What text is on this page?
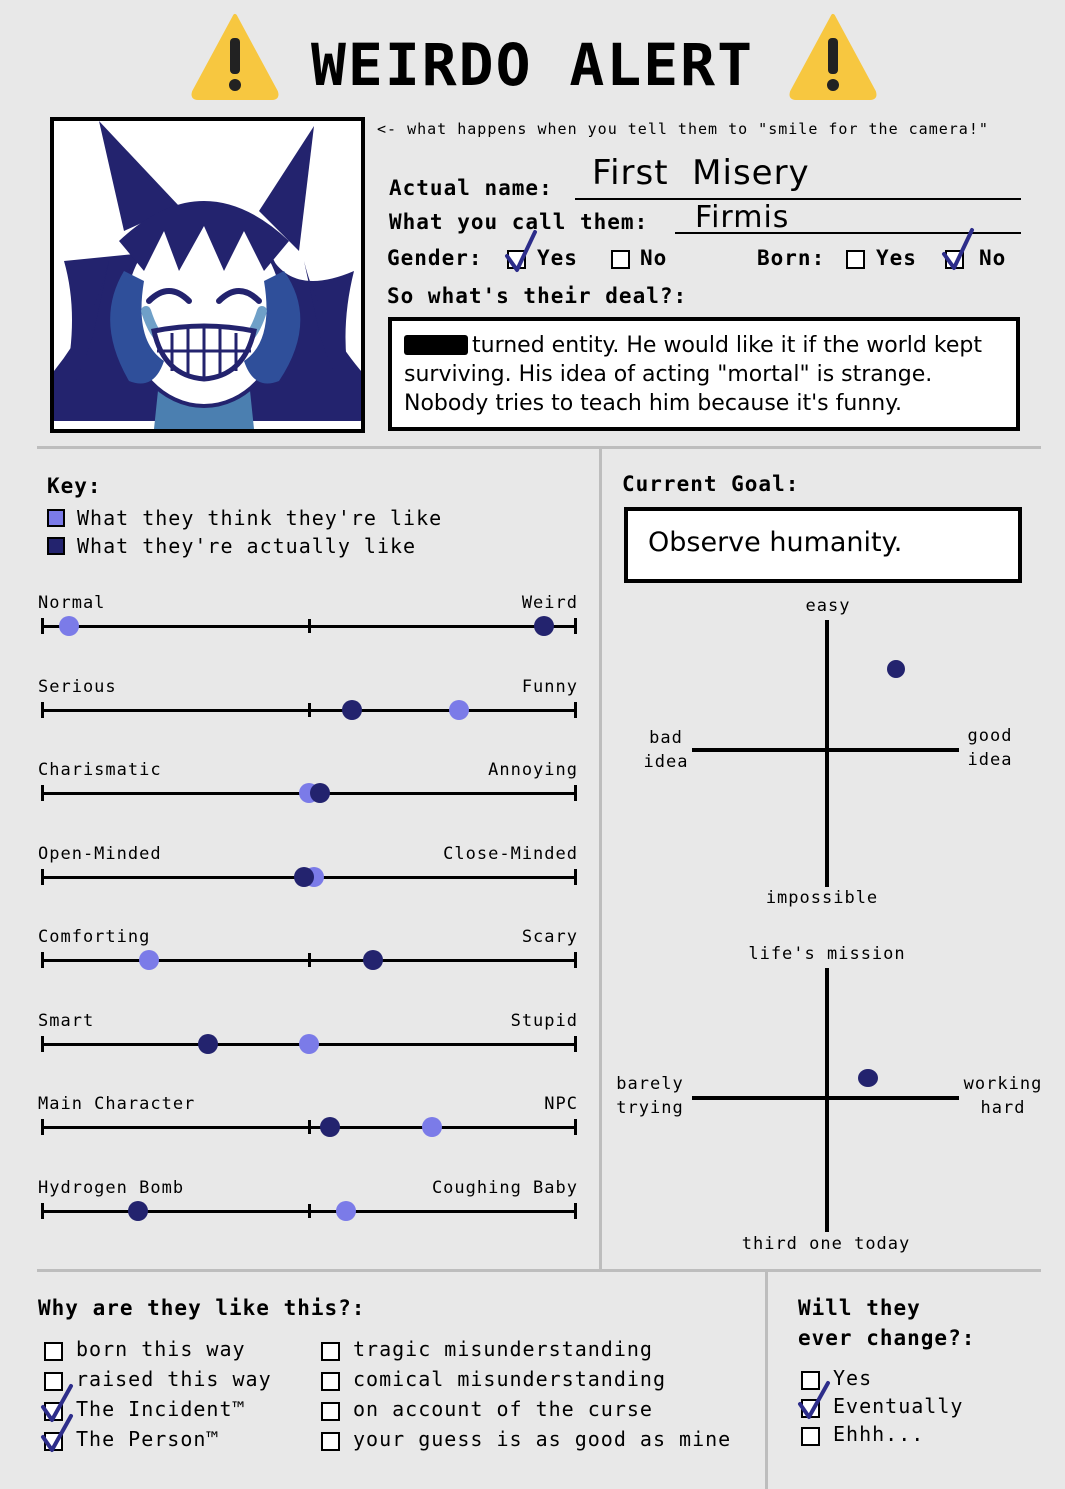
WEIRDO ALERT
<- what happens when you tell them to "smile for the camera!"
Actual name: First  Misery
What you call them: Firmis
Gender:	Yes	No	Born: Yes	No
So what's their deal?:
turned entity. He would like it if the world kept surviving. His idea of acting "mortal" is strange. Nobody tries to teach him because it's funny.
Key:
What they think they're like
What they're actually like
Normal	Weird
Serious	Funny
Charismatic	Annoying
Open-Minded	Close-Minded
Comforting	Scary
Smart	Stupid
Main Character	NPC
Hydrogen Bomb	Coughing Baby
Current Goal:
Observe humanity.
easy
impossible
bad idea
good idea
life's mission
third one today
barely trying
working hard
Why are they like this?:
born this way
raised this way
The Incident™
The Person™
tragic misunderstanding
comical misunderstanding
on account of the curse
your guess is as good as mine
Will they
ever change?:
Yes
Eventually
Ehhh...
